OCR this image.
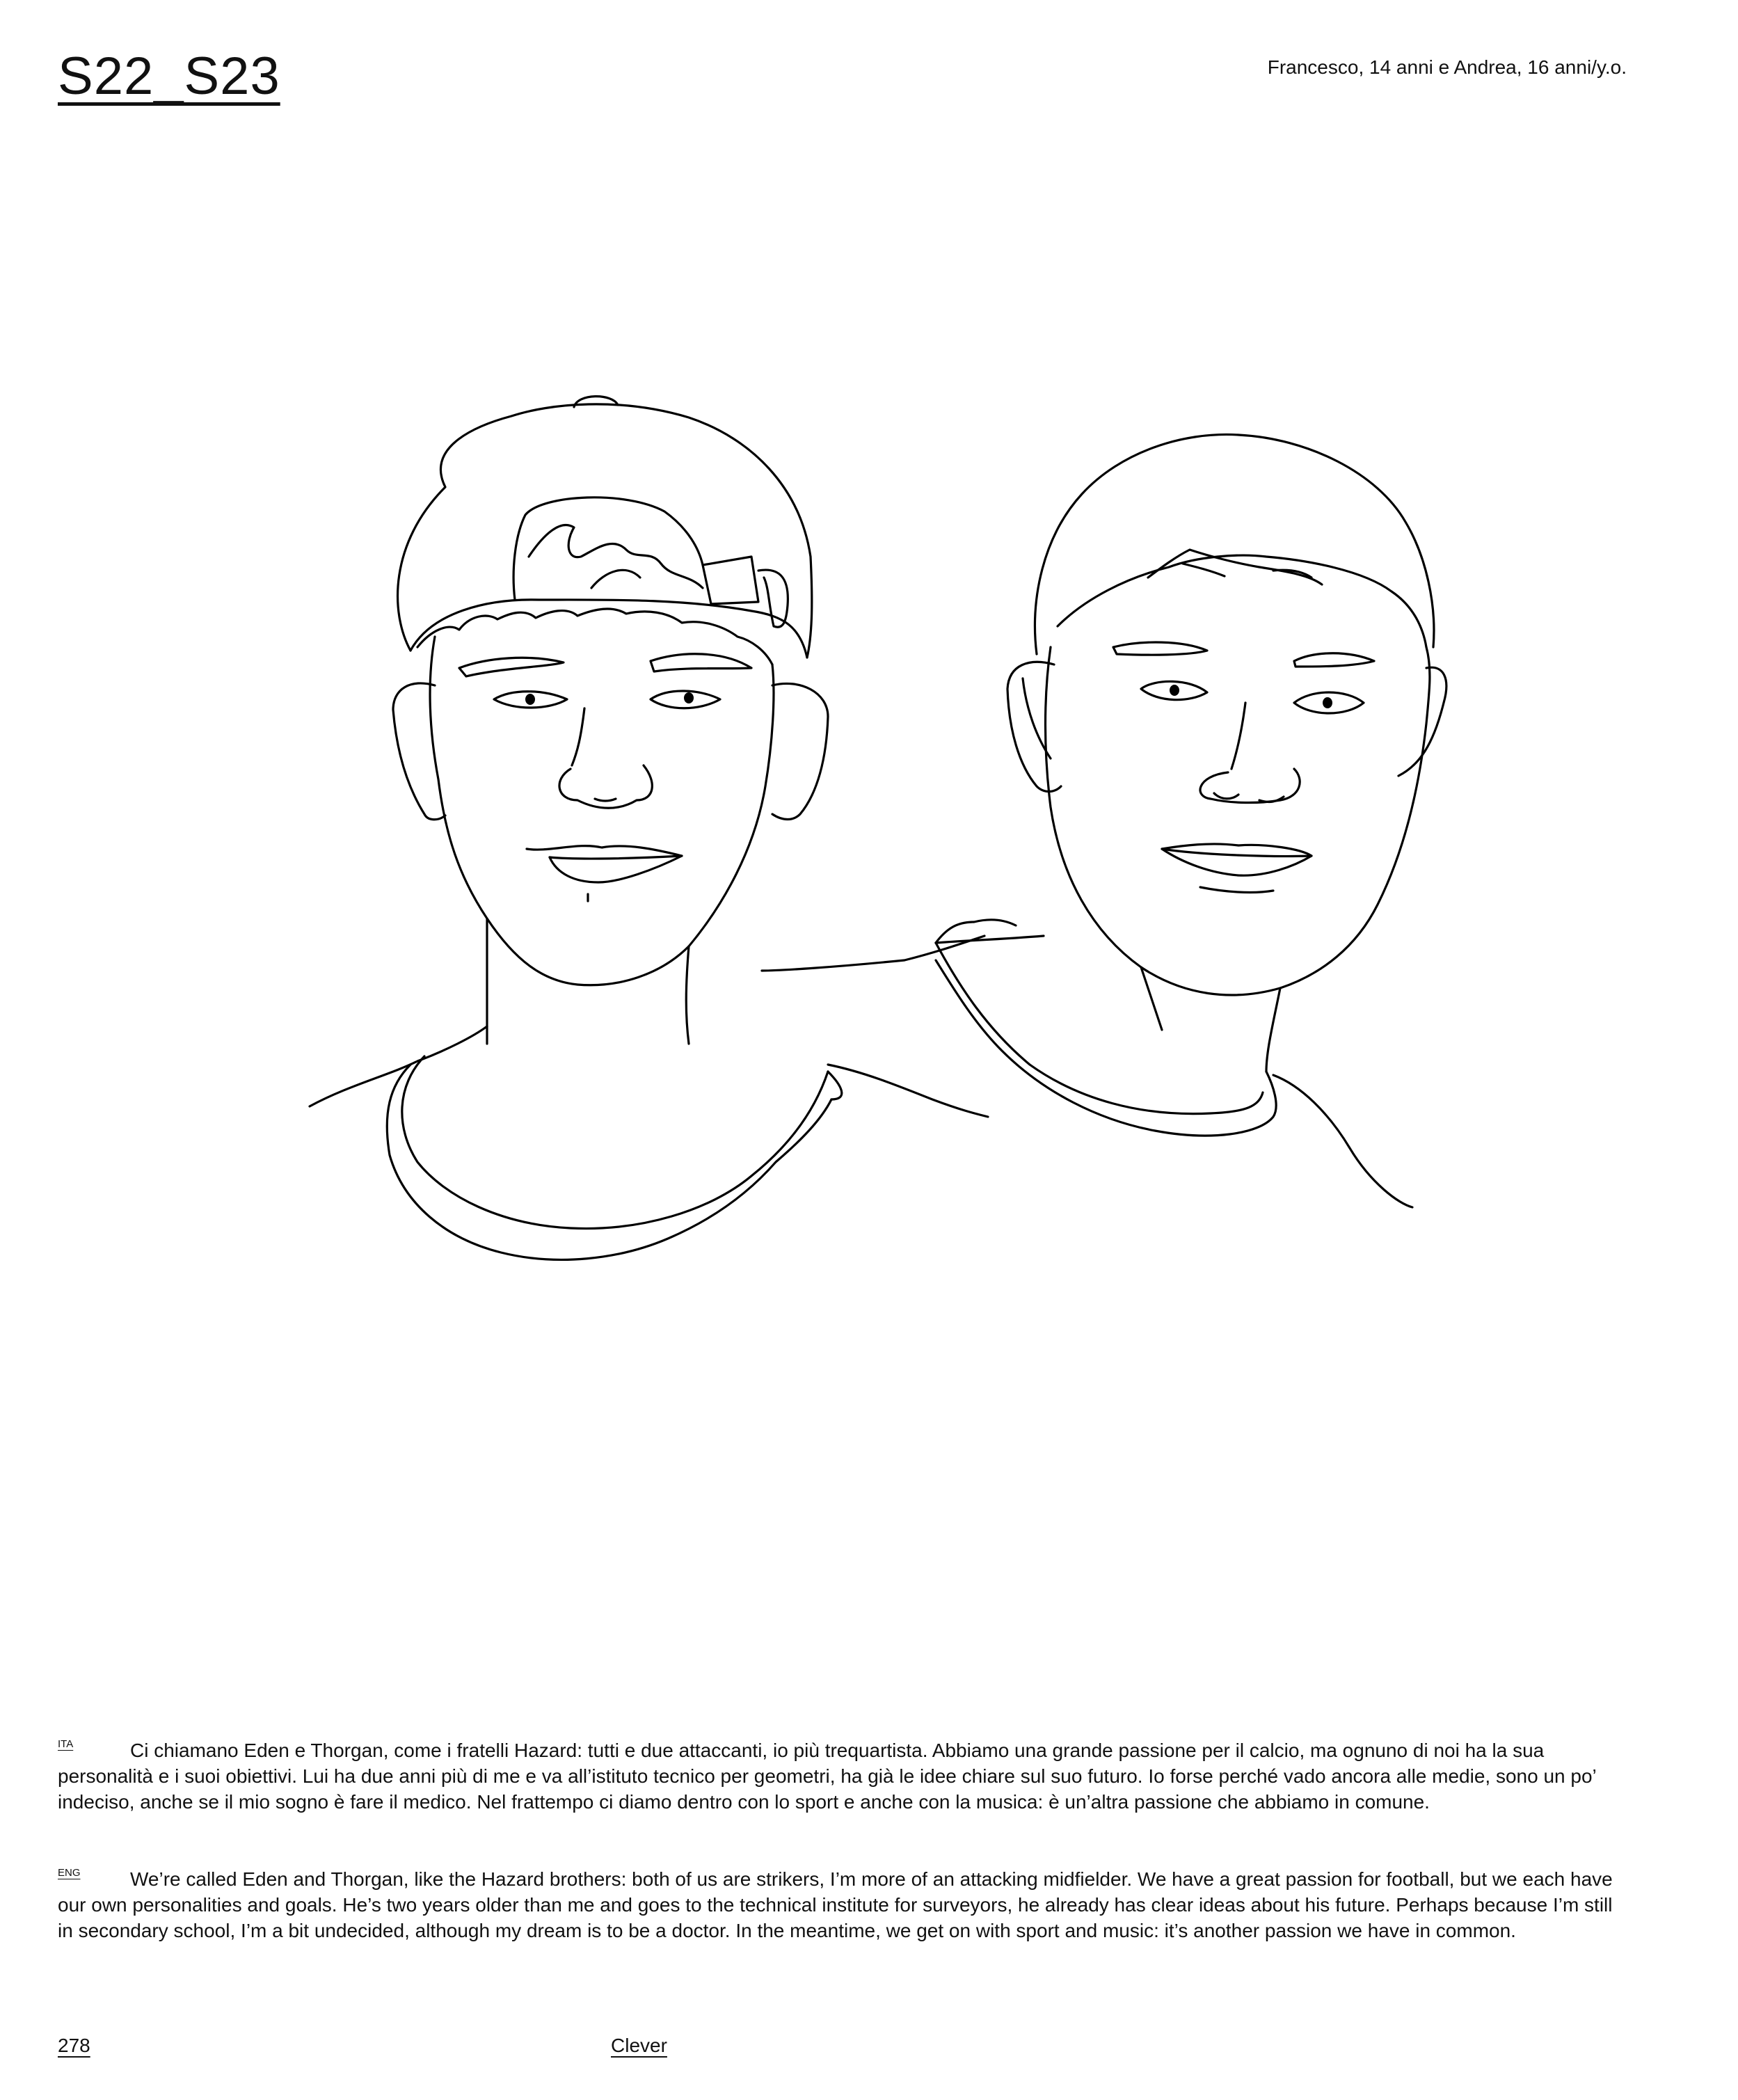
S22_S23	Francesco, 14 anni e Andrea, 16 anni/y.o.
ITA	Ci chiamano Eden e Thorgan, come i fratelli Hazard: tutti e due attaccanti, io più trequartista. Abbiamo una grande passione per il calcio, ma ognuno di noi ha la sua personalità e i suoi obiettivi. Lui ha due anni più di me e va all’istituto tecnico per geometri, ha già le idee chiare sul suo futuro. Io forse perché vado ancora alle medie, sono un po’ indeciso, anche se il mio sogno è fare il medico. Nel frattempo ci diamo dentro con lo sport e anche con la musica: è un’altra passione che abbiamo in comune.

ENG	We’re called Eden and Thorgan, like the Hazard brothers: both of us are strikers, I’m more of an attacking midfielder. We have a great passion for football, but we each have our own personalities and goals. He’s two years older than me and goes to the technical institute for surveyors, he already has clear ideas about his future. Perhaps because I’m still in secondary school, I’m a bit undecided, although my dream is to be a doctor. In the meantime, we get on with sport and music: it’s another passion we have in common.

278	Clever
